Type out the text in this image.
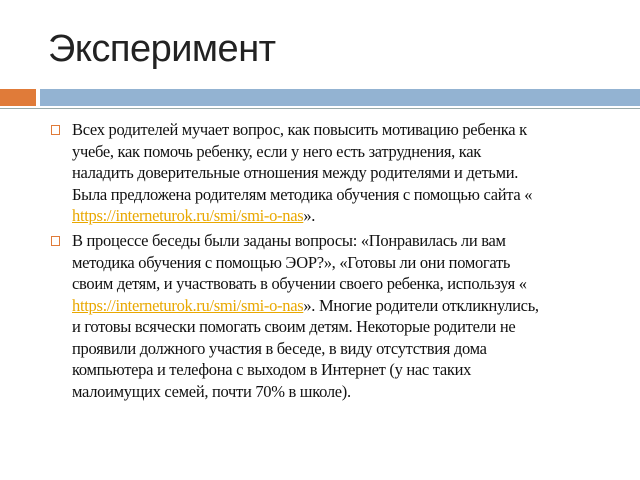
Эксперимент
Всех родителей мучает вопрос, как повысить мотивацию ребенка к
учебе, как помочь ребенку, если у него есть затруднения, как
наладить доверительные отношения между родителями и детьми.
Была предложена родителям методика обучения с помощью сайта «
https://interneturok.ru/smi/smi-o-nas».
В процессе беседы были заданы вопросы: «Понравилась ли вам
методика обучения с помощью ЭОР?», «Готовы ли они помогать
своим детям, и участвовать в обучении своего ребенка, используя «
https://interneturok.ru/smi/smi-o-nas». Многие родители откликнулись,
и готовы всячески помогать своим детям. Некоторые родители не
проявили должного участия в беседе, в виду отсутствия дома
компьютера и телефона с выходом в Интернет (у нас таких
малоимущих семей, почти 70% в школе).
